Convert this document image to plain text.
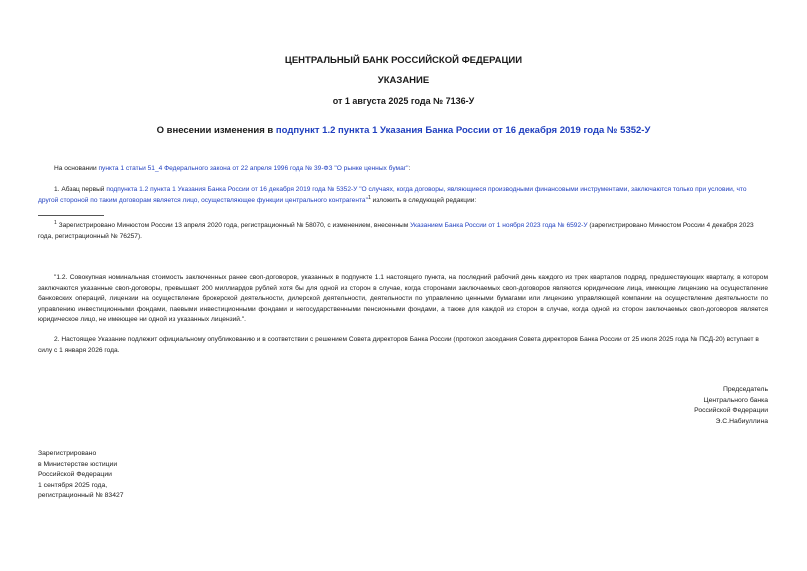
ЦЕНТРАЛЬНЫЙ БАНК РОССИЙСКОЙ ФЕДЕРАЦИИ
УКАЗАНИЕ
от 1 августа 2025 года № 7136-У
О внесении изменения в подпункт 1.2 пункта 1 Указания Банка России от 16 декабря 2019 года № 5352-У
На основании пункта 1 статьи 51_4 Федерального закона от 22 апреля 1996 года № 39-ФЗ "О рынке ценных бумаг":
1. Абзац первый подпункта 1.2 пункта 1 Указания Банка России от 16 декабря 2019 года № 5352-У "О случаях, когда договоры, являющиеся производными финансовыми инструментами, заключаются только при условии, что другой стороной по таким договорам является лицо, осуществляющее функции центрального контрагента"$^1$ изложить в следующей редакции:
$^1$ Зарегистрировано Минюстом России 13 апреля 2020 года, регистрационный № 58070, с изменением, внесенным Указанием Банка России от 1 ноября 2023 года № 6592-У (зарегистрировано Минюстом России 4 декабря 2023 года, регистрационный № 76257).
"1.2. Совокупная номинальная стоимость заключенных ранее своп-договоров, указанных в подпункте 1.1 настоящего пункта, на последний рабочий день каждого из трех кварталов подряд, предшествующих кварталу, в котором заключаются указанные своп-договоры, превышает 200 миллиардов рублей хотя бы для одной из сторон в случае, когда сторонами заключаемых своп-договоров являются юридические лица, имеющие лицензию на осуществление банковских операций, лицензии на осуществление брокерской деятельности, дилерской деятельности, деятельности по управлению ценными бумагами или лицензию управляющей компании на осуществление деятельности по управлению инвестиционными фондами, паевыми инвестиционными фондами и негосударственными пенсионными фондами, а также для каждой из сторон в случае, когда одной из сторон заключаемых своп-договоров является юридическое лицо, не имеющее ни одной из указанных лицензий.".
2. Настоящее Указание подлежит официальному опубликованию и в соответствии с решением Совета директоров Банка России (протокол заседания Совета директоров Банка России от 25 июля 2025 года № ПСД-20) вступает в силу с 1 января 2026 года.
Председатель
Центрального банка
Российской Федерации
Э.С.Набиуллина
Зарегистрировано
в Министерстве юстиции
Российской Федерации
1 сентября 2025 года,
регистрационный № 83427
